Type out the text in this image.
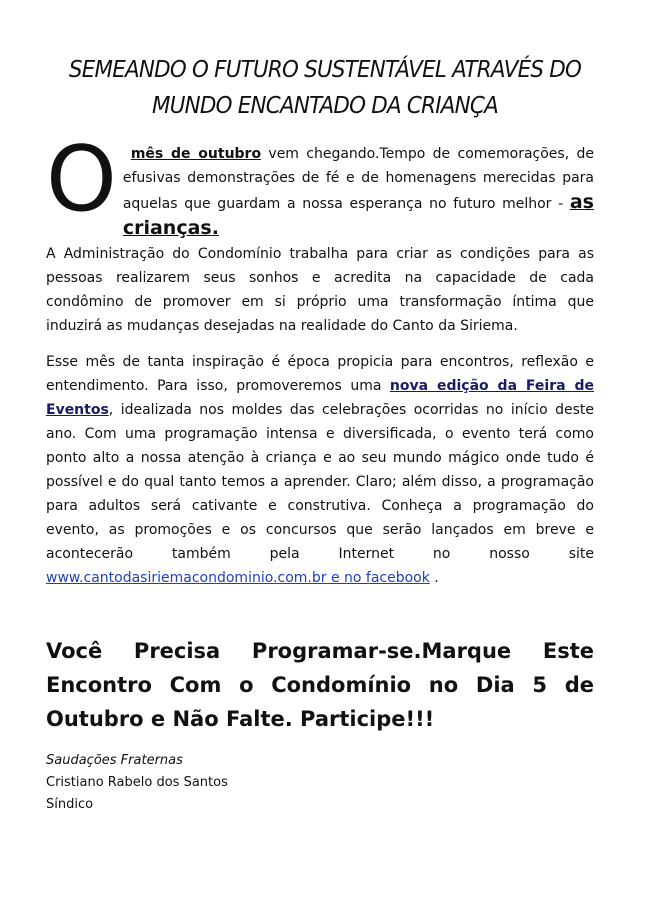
SEMEANDO O FUTURO SUSTENTÁVEL ATRAVÉS DO
MUNDO ENCANTADO DA CRIANÇA

O mês de outubro vem chegando.Tempo de comemorações, de efusivas demonstrações de fé e de homenagens merecidas para aquelas que guardam a nossa esperança no futuro melhor - as crianças.

A Administração do Condomínio trabalha para criar as condições para as pessoas realizarem seus sonhos e acredita na capacidade de cada condômino de promover em si próprio uma transformação íntima que induzirá as mudanças desejadas na realidade do Canto da Siriema.

Esse mês de tanta inspiração é época propicia para encontros, reflexão e entendimento. Para isso, promoveremos uma nova edição da Feira de Eventos, idealizada nos moldes das celebrações ocorridas no início deste ano. Com uma programação intensa e diversificada, o evento terá como ponto alto a nossa atenção à criança e ao seu mundo mágico onde tudo é possível e do qual tanto temos a aprender. Claro; além disso, a programação para adultos será cativante e construtiva. Conheça a programação do evento, as promoções e os concursos que serão lançados em breve e acontecerão também pela Internet no nosso site www.cantodasiriemacondominio.com.br e no facebook .

Você Precisa Programar-se.Marque Este Encontro Com o Condomínio no Dia 5 de Outubro e Não Falte. Participe!!!
Saudações Fraternas
Cristiano Rabelo dos Santos
Síndico
